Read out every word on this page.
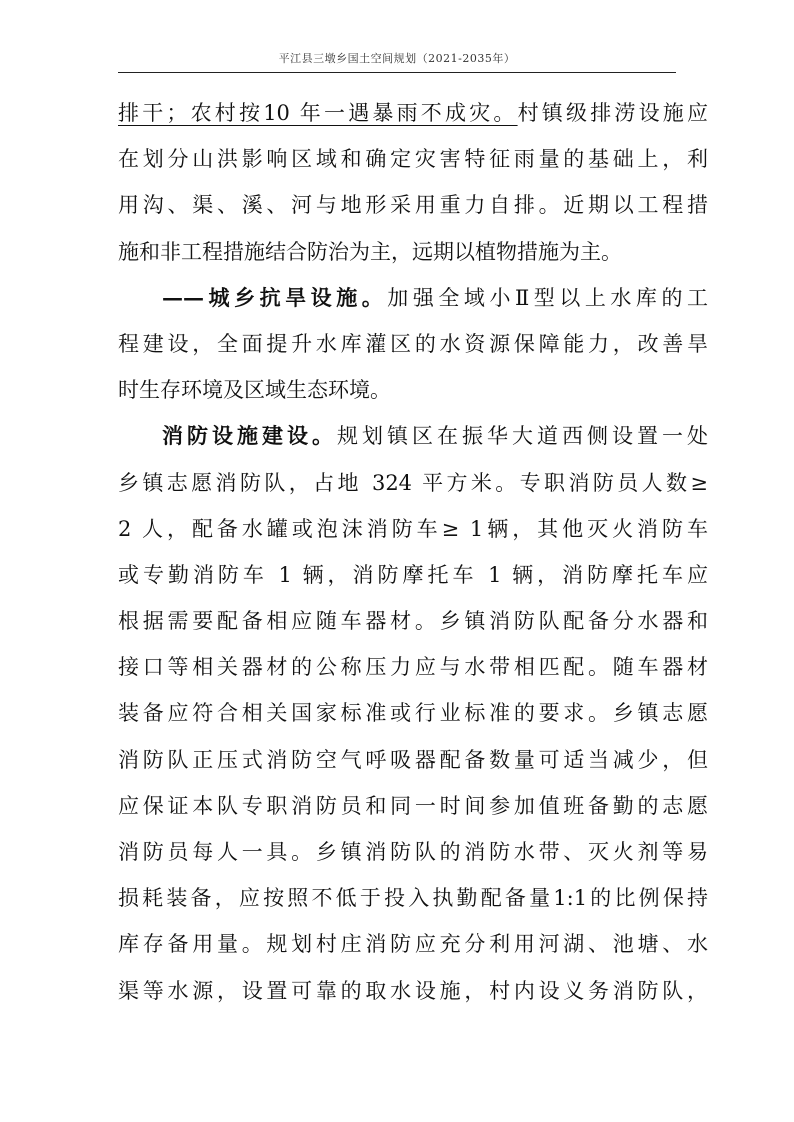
平江县三墩乡国土空间规划（2021-2035年）
排干；农村按10 年一遇暴雨不成灾。村镇级排涝设施应
在划分山洪影响区域和确定灾害特征雨量的基础上，利
用沟、渠、溪、河与地形采用重力自排。近期以工程措
施和非工程措施结合防治为主，远期以植物措施为主。
——城乡抗旱设施。加强全域小Ⅱ型以上水库的工
程建设，全面提升水库灌区的水资源保障能力，改善旱
时生存环境及区域生态环境。
消防设施建设。规划镇区在振华大道西侧设置一处
乡镇志愿消防队，占地 324 平方米。专职消防员人数≥
2 人，配备水罐或泡沫消防车≥ 1辆，其他灭火消防车
或专勤消防车 1 辆，消防摩托车 1 辆，消防摩托车应
根据需要配备相应随车器材。乡镇消防队配备分水器和
接口等相关器材的公称压力应与水带相匹配。随车器材
装备应符合相关国家标准或行业标准的要求。乡镇志愿
消防队正压式消防空气呼吸器配备数量可适当减少，但
应保证本队专职消防员和同一时间参加值班备勤的志愿
消防员每人一具。乡镇消防队的消防水带、灭火剂等易
损耗装备，应按照不低于投入执勤配备量1:1的比例保持
库存备用量。规划村庄消防应充分利用河湖、池塘、水
渠等水源，设置可靠的取水设施，村内设义务消防队，
